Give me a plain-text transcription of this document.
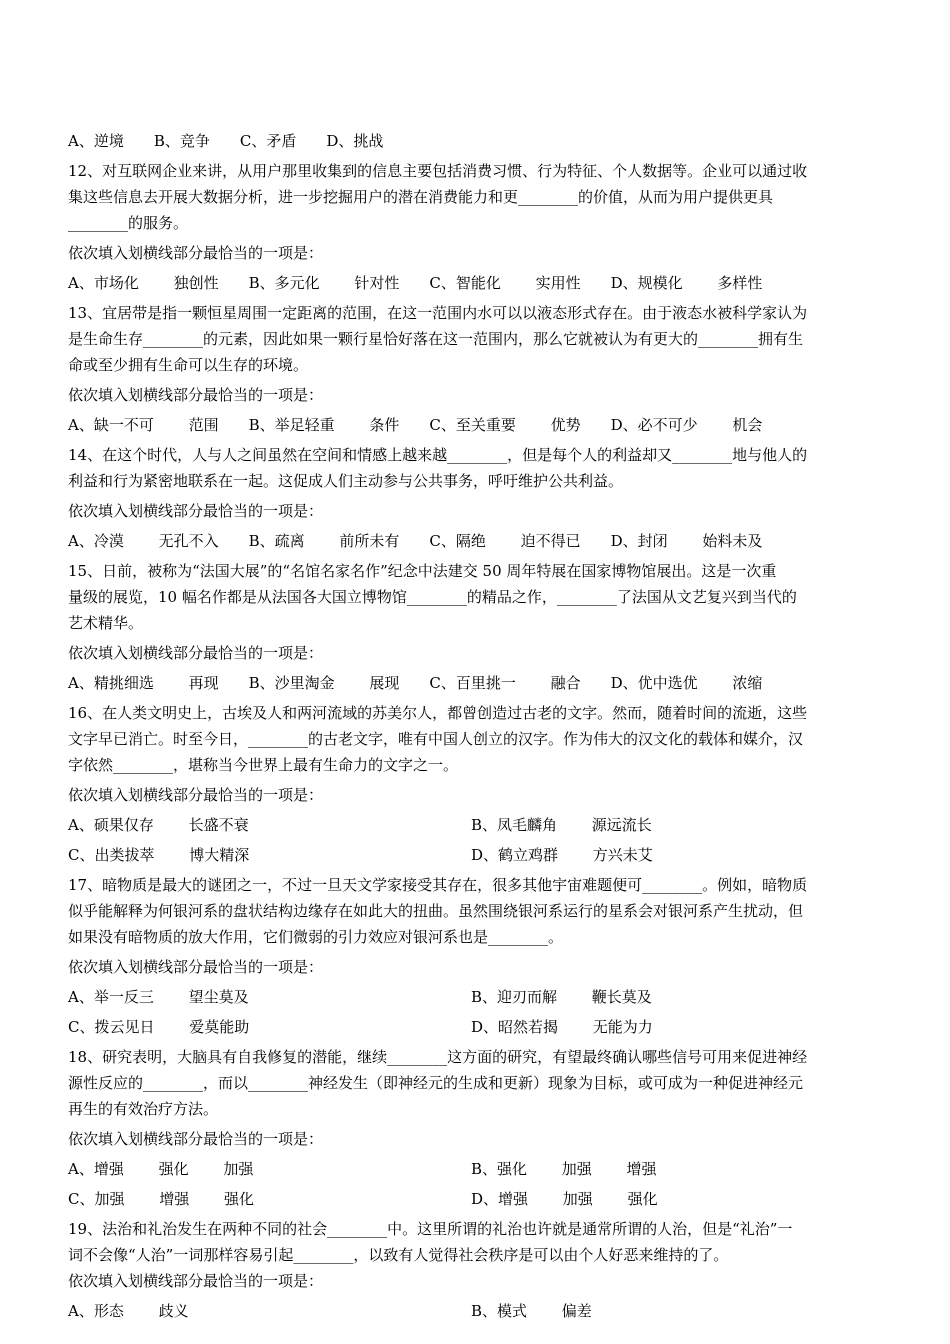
A、逆境　　B、竞争　　C、矛盾　　D、挑战
12、对互联网企业来讲，从用户那里收集到的信息主要包括消费习惯、行为特征、个人数据等。企业可以通过收
集这些信息去开展大数据分析，进一步挖掘用户的潜在消费能力和更________的价值，从而为用户提供更具
________的服务。
依次填入划横线部分最恰当的一项是：
A、市场化　　 独创性　　B、多元化　　 针对性　　C、智能化　　 实用性　　D、规模化　　 多样性
13、宜居带是指一颗恒星周围一定距离的范围，在这一范围内水可以以液态形式存在。由于液态水被科学家认为
是生命生存________的元素，因此如果一颗行星恰好落在这一范围内，那么它就被认为有更大的________拥有生
命或至少拥有生命可以生存的环境。
依次填入划横线部分最恰当的一项是：
A、缺一不可　　 范围　　B、举足轻重　　 条件　　C、至关重要　　 优势　　D、必不可少　　 机会
14、在这个时代，人与人之间虽然在空间和情感上越来越________，但是每个人的利益却又________地与他人的
利益和行为紧密地联系在一起。这促成人们主动参与公共事务，呼吁维护公共利益。
依次填入划横线部分最恰当的一项是：
A、冷漠　　 无孔不入　　B、疏离　　 前所未有　　C、隔绝　　 迫不得已　　D、封闭　　 始料未及
15、日前，被称为“法国大展”的“名馆名家名作”纪念中法建交 50 周年特展在国家博物馆展出。这是一次重
量级的展览，10 幅名作都是从法国各大国立博物馆________的精品之作，________了法国从文艺复兴到当代的
艺术精华。
依次填入划横线部分最恰当的一项是：
A、精挑细选　　 再现　　B、沙里淘金　　 展现　　C、百里挑一　　 融合　　D、优中选优　　 浓缩
16、在人类文明史上，古埃及人和两河流域的苏美尔人，都曾创造过古老的文字。然而，随着时间的流逝，这些
文字早已消亡。时至今日，________的古老文字，唯有中国人创立的汉字。作为伟大的汉文化的载体和媒介，汉
字依然________，堪称当今世界上最有生命力的文字之一。
依次填入划横线部分最恰当的一项是：
A、硕果仅存　　 长盛不衰	B、凤毛麟角　　 源远流长
C、出类拔萃　　 博大精深	D、鹤立鸡群　　 方兴未艾
17、暗物质是最大的谜团之一，不过一旦天文学家接受其存在，很多其他宇宙难题便可________。例如，暗物质
似乎能解释为何银河系的盘状结构边缘存在如此大的扭曲。虽然围绕银河系运行的星系会对银河系产生扰动，但
如果没有暗物质的放大作用，它们微弱的引力效应对银河系也是________。
依次填入划横线部分最恰当的一项是：
A、举一反三　　 望尘莫及	B、迎刃而解　　 鞭长莫及
C、拨云见日　　 爱莫能助	D、昭然若揭　　 无能为力
18、研究表明，大脑具有自我修复的潜能，继续________这方面的研究，有望最终确认哪些信号可用来促进神经
源性反应的________，而以________神经发生（即神经元的生成和更新）现象为目标，或可成为一种促进神经元
再生的有效治疗方法。
依次填入划横线部分最恰当的一项是：
A、增强　　 强化　　 加强	B、强化　　 加强　　 增强
C、加强　　 增强　　 强化	D、增强　　 加强　　 强化
19、法治和礼治发生在两种不同的社会________中。这里所谓的礼治也许就是通常所谓的人治，但是“礼治”一
词不会像“人治”一词那样容易引起________，以致有人觉得社会秩序是可以由个人好恶来维持的了。
依次填入划横线部分最恰当的一项是：
A、形态　　 歧义	B、模式　　 偏差
